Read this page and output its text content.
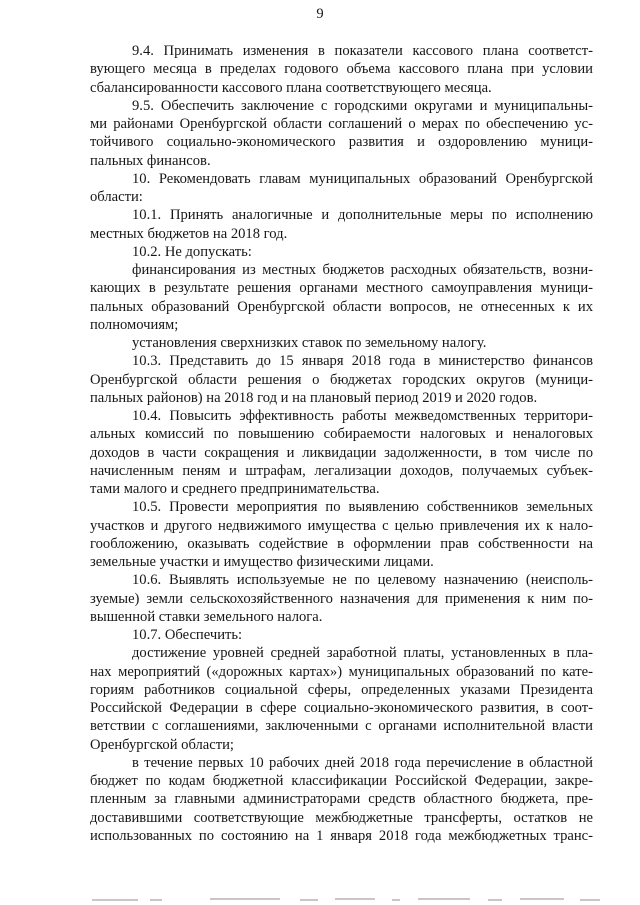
9
9.4. Принимать изменения в показатели кассового плана соответст-
вующего месяца в пределах годового объема кассового плана при условии
сбалансированности кассового плана соответствующего месяца.
9.5. Обеспечить заключение с городскими округами и муниципальны-
ми районами Оренбургской области соглашений о мерах по обеспечению ус-
тойчивого социально-экономического развития и оздоровлению муници-
пальных финансов.
10. Рекомендовать главам муниципальных образований Оренбургской
области:
10.1. Принять аналогичные и дополнительные меры по исполнению
местных бюджетов на 2018 год.
10.2. Не допускать:
финансирования из местных бюджетов расходных обязательств, возни-
кающих в результате решения органами местного самоуправления муници-
пальных образований Оренбургской области вопросов, не отнесенных к их
полномочиям;
установления сверхнизких ставок по земельному налогу.
10.3. Представить до 15 января 2018 года в министерство финансов
Оренбургской области решения о бюджетах городских округов (муници-
пальных районов) на 2018 год и на плановый период 2019 и 2020 годов.
10.4. Повысить эффективность работы межведомственных территори-
альных комиссий по повышению собираемости налоговых и неналоговых
доходов в части сокращения и ликвидации задолженности, в том числе по
начисленным пеням и штрафам, легализации доходов, получаемых субъек-
тами малого и среднего предпринимательства.
10.5. Провести мероприятия по выявлению собственников земельных
участков и другого недвижимого имущества с целью привлечения их к нало-
гообложению, оказывать содействие в оформлении прав собственности на
земельные участки и имущество физическими лицами.
10.6. Выявлять используемые не по целевому назначению (неисполь-
зуемые) земли сельскохозяйственного назначения для применения к ним по-
вышенной ставки земельного налога.
10.7. Обеспечить:
достижение уровней средней заработной платы, установленных в пла-
нах мероприятий («дорожных картах») муниципальных образований по кате-
гориям работников социальной сферы, определенных указами Президента
Российской Федерации в сфере социально-экономического развития, в соот-
ветствии с соглашениями, заключенными с органами исполнительной власти
Оренбургской области;
в течение первых 10 рабочих дней 2018 года перечисление в областной
бюджет по кодам бюджетной классификации Российской Федерации, закре-
пленным за главными администраторами средств областного бюджета, пре-
доставившими соответствующие межбюджетные трансферты, остатков не
использованных по состоянию на 1 января 2018 года межбюджетных транс-
